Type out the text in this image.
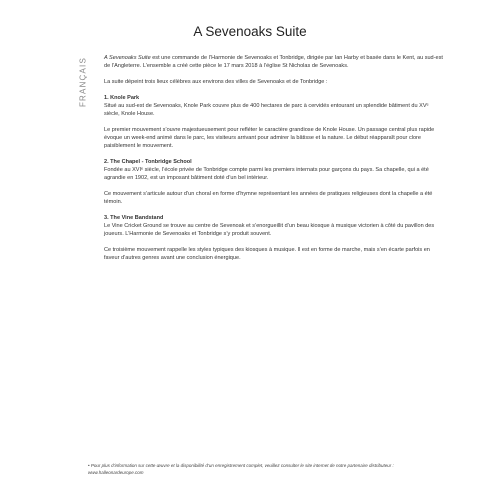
A Sevenoaks Suite
FRANÇAIS	A Sevenoaks Suite est une commande de l’Harmonie de Sevenoaks et Tonbridge, dirigée par Ian Harby et basée dans le Kent, au sud-est de l’Angleterre. L’ensemble a créé cette pièce le 17 mars 2018 à l’église St Nicholas de Sevenoaks.

La suite dépeint trois lieux célèbres aux environs des villes de Sevenoaks et de Tonbridge :

1. Knole Park

Situé au sud-est de Sevenoaks, Knole Park couvre plus de 400 hectares de parc à cervidés entourant un splendide bâtiment du XVᵉ siècle, Knole House.

Le premier mouvement s’ouvre majestueusement pour refléter le caractère grandiose de Knole House. Un passage central plus rapide évoque un week-end animé dans le parc, les visiteurs arrivant pour admirer la bâtisse et la nature. Le début réapparaît pour clore paisiblement le mouvement.

2. The Chapel - Tonbridge School

Fondée au XVIᵉ siècle, l’école privée de Tonbridge compte parmi les premiers internats pour garçons du pays. Sa chapelle, qui a été agrandie en 1902, est un imposant bâtiment doté d’un bel intérieur.

Ce mouvement s’articule autour d’un choral en forme d’hymne représentant les années de pratiques religieuses dont la chapelle a été témoin.

3. The Vine Bandstand

Le Vine Cricket Ground se trouve au centre de Sevenoak et s’enorgueillit d’un beau kiosque à musique victorien à côté du pavillon des joueurs. L’Harmonie de Sevenoaks et Tonbridge s’y produit souvent.

Ce troisième mouvement rappelle les styles typiques des kiosques à musique. Il est en forme de marche, mais s’en écarte parfois en faveur d’autres genres avant une conclusion énergique.

• Pour plus d’information sur cette œuvre et la disponibilité d’un enregistrement complet, veuillez consulter le site internet de notre partenaire distributeur : www.halleonardeurope.com
